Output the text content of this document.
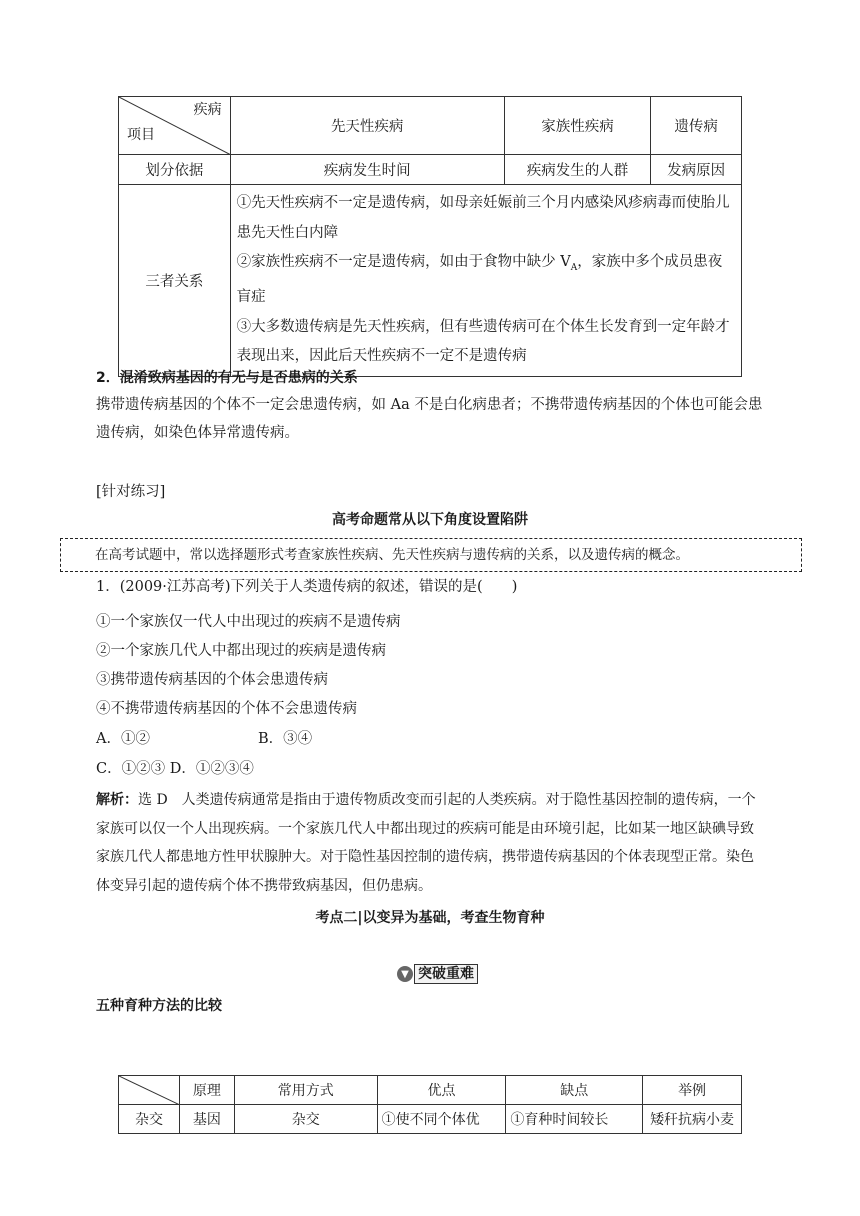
疾病
项目	先天性疾病	家族性疾病	遗传病
划分依据	疾病发生时间	疾病发生的人群	发病原因
三者关系	①先天性疾病不一定是遗传病，如母亲妊娠前三个月内感染风疹病毒而使胎儿患先天性白内障
②家族性疾病不一定是遗传病，如由于食物中缺少 $V_A$，家族中多个成员患夜盲症
③大多数遗传病是先天性疾病，但有些遗传病可在个体生长发育到一定年龄才表现出来，因此后天性疾病不一定不是遗传病		
2．混淆致病基因的有无与是否患病的关系
携带遗传病基因的个体不一定会患遗传病，如 Aa 不是白化病患者；不携带遗传病基因的个体也可能会患遗传病，如染色体异常遗传病。
[针对练习]
高考命题常从以下角度设置陷阱
在高考试题中，常以选择题形式考查家族性疾病、先天性疾病与遗传病的关系，以及遗传病的概念。
1．(2009·江苏高考)下列关于人类遗传病的叙述，错误的是(　　)
①一个家族仅一代人中出现过的疾病不是遗传病
②一个家族几代人中都出现过的疾病是遗传病
③携带遗传病基因的个体会患遗传病
④不携带遗传病基因的个体不会患遗传病
A．①②	B．③④
C．①②③ D．①②③④
解析：选 D　人类遗传病通常是指由于遗传物质改变而引起的人类疾病。对于隐性基因控制的遗传病，一个家族可以仅一个人出现疾病。一个家族几代人中都出现过的疾病可能是由环境引起，比如某一地区缺碘导致家族几代人都患地方性甲状腺肿大。对于隐性基因控制的遗传病，携带遗传病基因的个体表现型正常。染色体变异引起的遗传病个体不携带致病基因，但仍患病。
考点二|以变异为基础，考查生物育种
▼ 突破重难
五种育种方法的比较
	原理	常用方式	优点	缺点	举例
杂交	基因	杂交	①使不同个体优	①育种时间较长	矮秆抗病小麦
